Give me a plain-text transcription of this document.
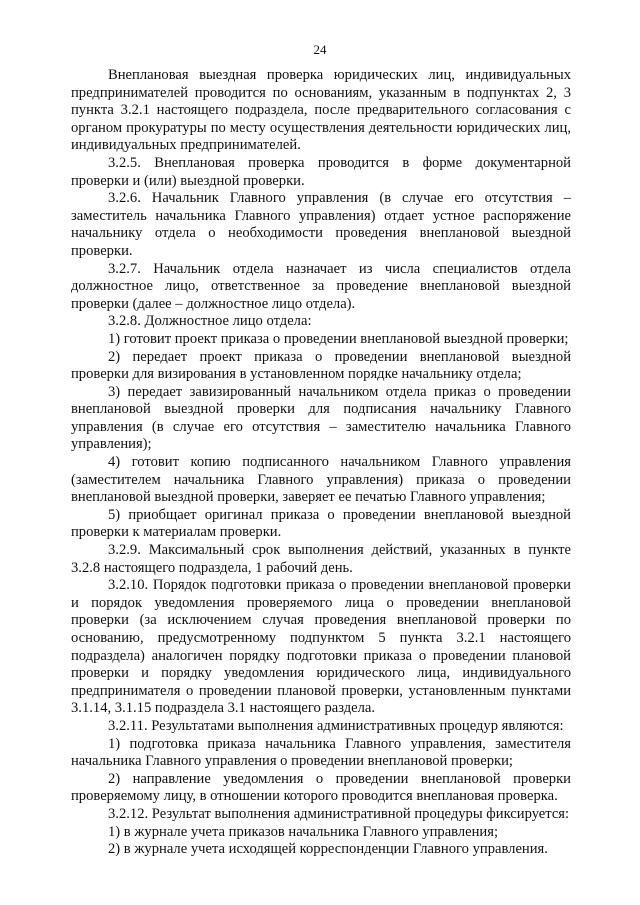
24

Внеплановая выездная проверка юридических лиц, индивидуальных предпринимателей проводится по основаниям, указанным в подпунктах 2, 3 пункта 3.2.1 настоящего подраздела, после предварительного согласования с органом прокуратуры по месту осуществления деятельности юридических лиц, индивидуальных предпринимателей.

3.2.5. Внеплановая проверка проводится в форме документарной проверки и (или) выездной проверки.

3.2.6. Начальник Главного управления (в случае его отсутствия – заместитель начальника Главного управления) отдает устное распоряжение начальнику отдела о необходимости проведения внеплановой выездной проверки.

3.2.7. Начальник отдела назначает из числа специалистов отдела должностное лицо, ответственное за проведение внеплановой выездной проверки (далее – должностное лицо отдела).

3.2.8. Должностное лицо отдела:

1) готовит проект приказа о проведении внеплановой выездной проверки;

2) передает проект приказа о проведении внеплановой выездной проверки для визирования в установленном порядке начальнику отдела;

3) передает завизированный начальником отдела приказ о проведении внеплановой выездной проверки для подписания начальнику Главного управления (в случае его отсутствия – заместителю начальника Главного управления);

4) готовит копию подписанного начальником Главного управления (заместителем начальника Главного управления) приказа о проведении внеплановой выездной проверки, заверяет ее печатью Главного управления;

5) приобщает оригинал приказа о проведении внеплановой выездной проверки к материалам проверки.

3.2.9. Максимальный срок выполнения действий, указанных в пункте 3.2.8 настоящего подраздела, 1 рабочий день.

3.2.10. Порядок подготовки приказа о проведении внеплановой проверки и порядок уведомления проверяемого лица о проведении внеплановой проверки (за исключением случая проведения внеплановой проверки по основанию, предусмотренному подпунктом 5 пункта 3.2.1 настоящего подраздела) аналогичен порядку подготовки приказа о проведении плановой проверки и порядку уведомления юридического лица, индивидуального предпринимателя о проведении плановой проверки, установленным пунктами 3.1.14, 3.1.15 подраздела 3.1 настоящего раздела.

3.2.11. Результатами выполнения административных процедур являются:

1) подготовка приказа начальника Главного управления, заместителя начальника Главного управления о проведении внеплановой проверки;

2) направление уведомления о проведении внеплановой проверки проверяемому лицу, в отношении которого проводится внеплановая проверка.

3.2.12. Результат выполнения административной процедуры фиксируется:

1) в журнале учета приказов начальника Главного управления;

2) в журнале учета исходящей корреспонденции Главного управления.
